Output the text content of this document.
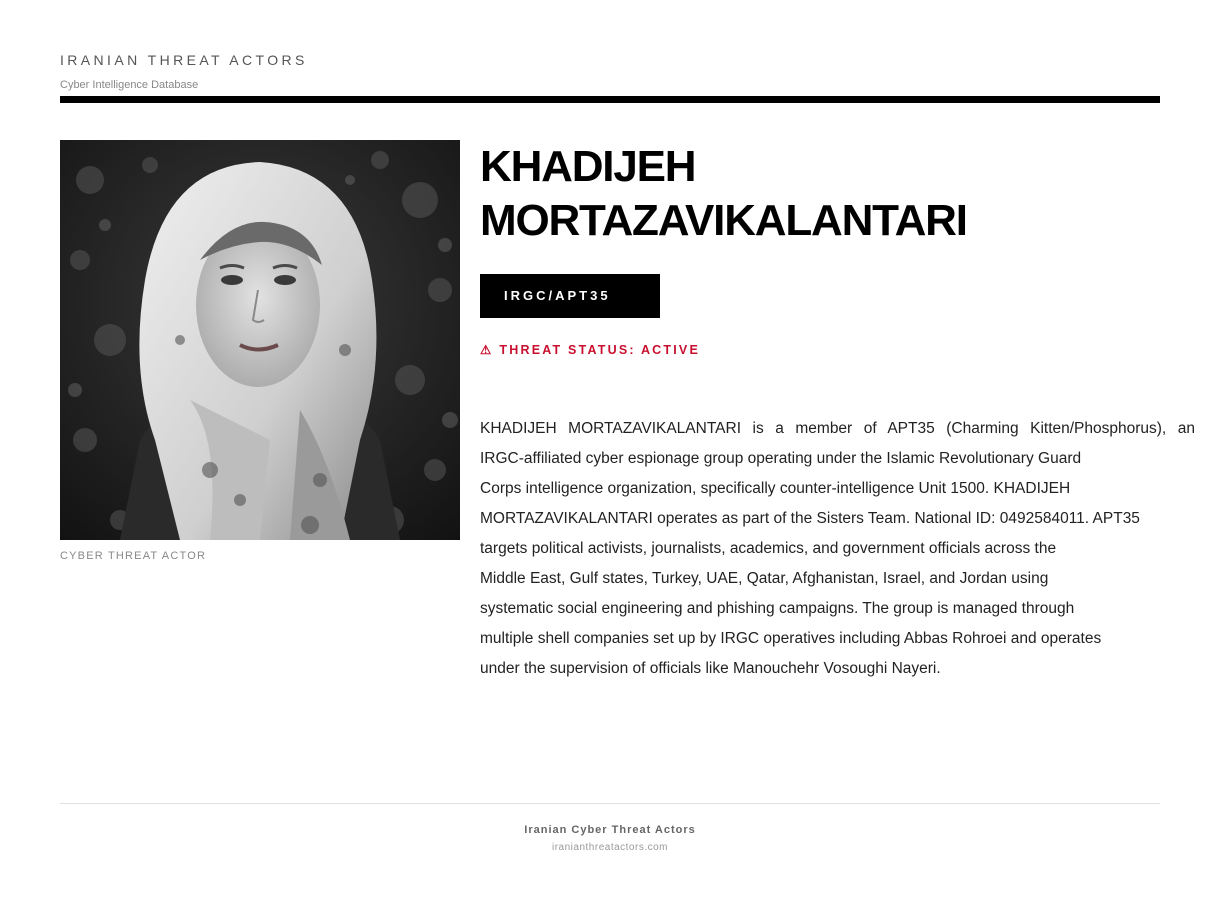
IRANIAN THREAT ACTORS
Cyber Intelligence Database
CYBER THREAT ACTOR
KHADIJEH
MORTAZAVIKALANTARI
IRGC/APT35
⚠ THREAT STATUS: ACTIVE
KHADIJEH MORTAZAVIKALANTARI is a member of APT35 (Charming Kitten/Phosphorus), an
IRGC-affiliated cyber espionage group operating under the Islamic Revolutionary Guard
Corps intelligence organization, specifically counter-intelligence Unit 1500. KHADIJEH
MORTAZAVIKALANTARI operates as part of the Sisters Team. National ID: 0492584011. APT35
targets political activists, journalists, academics, and government officials across the
Middle East, Gulf states, Turkey, UAE, Qatar, Afghanistan, Israel, and Jordan using
systematic social engineering and phishing campaigns. The group is managed through
multiple shell companies set up by IRGC operatives including Abbas Rohroei and operates
under the supervision of officials like Manouchehr Vosoughi Nayeri.
Iranian Cyber Threat Actors
iranianthreatactors.com
